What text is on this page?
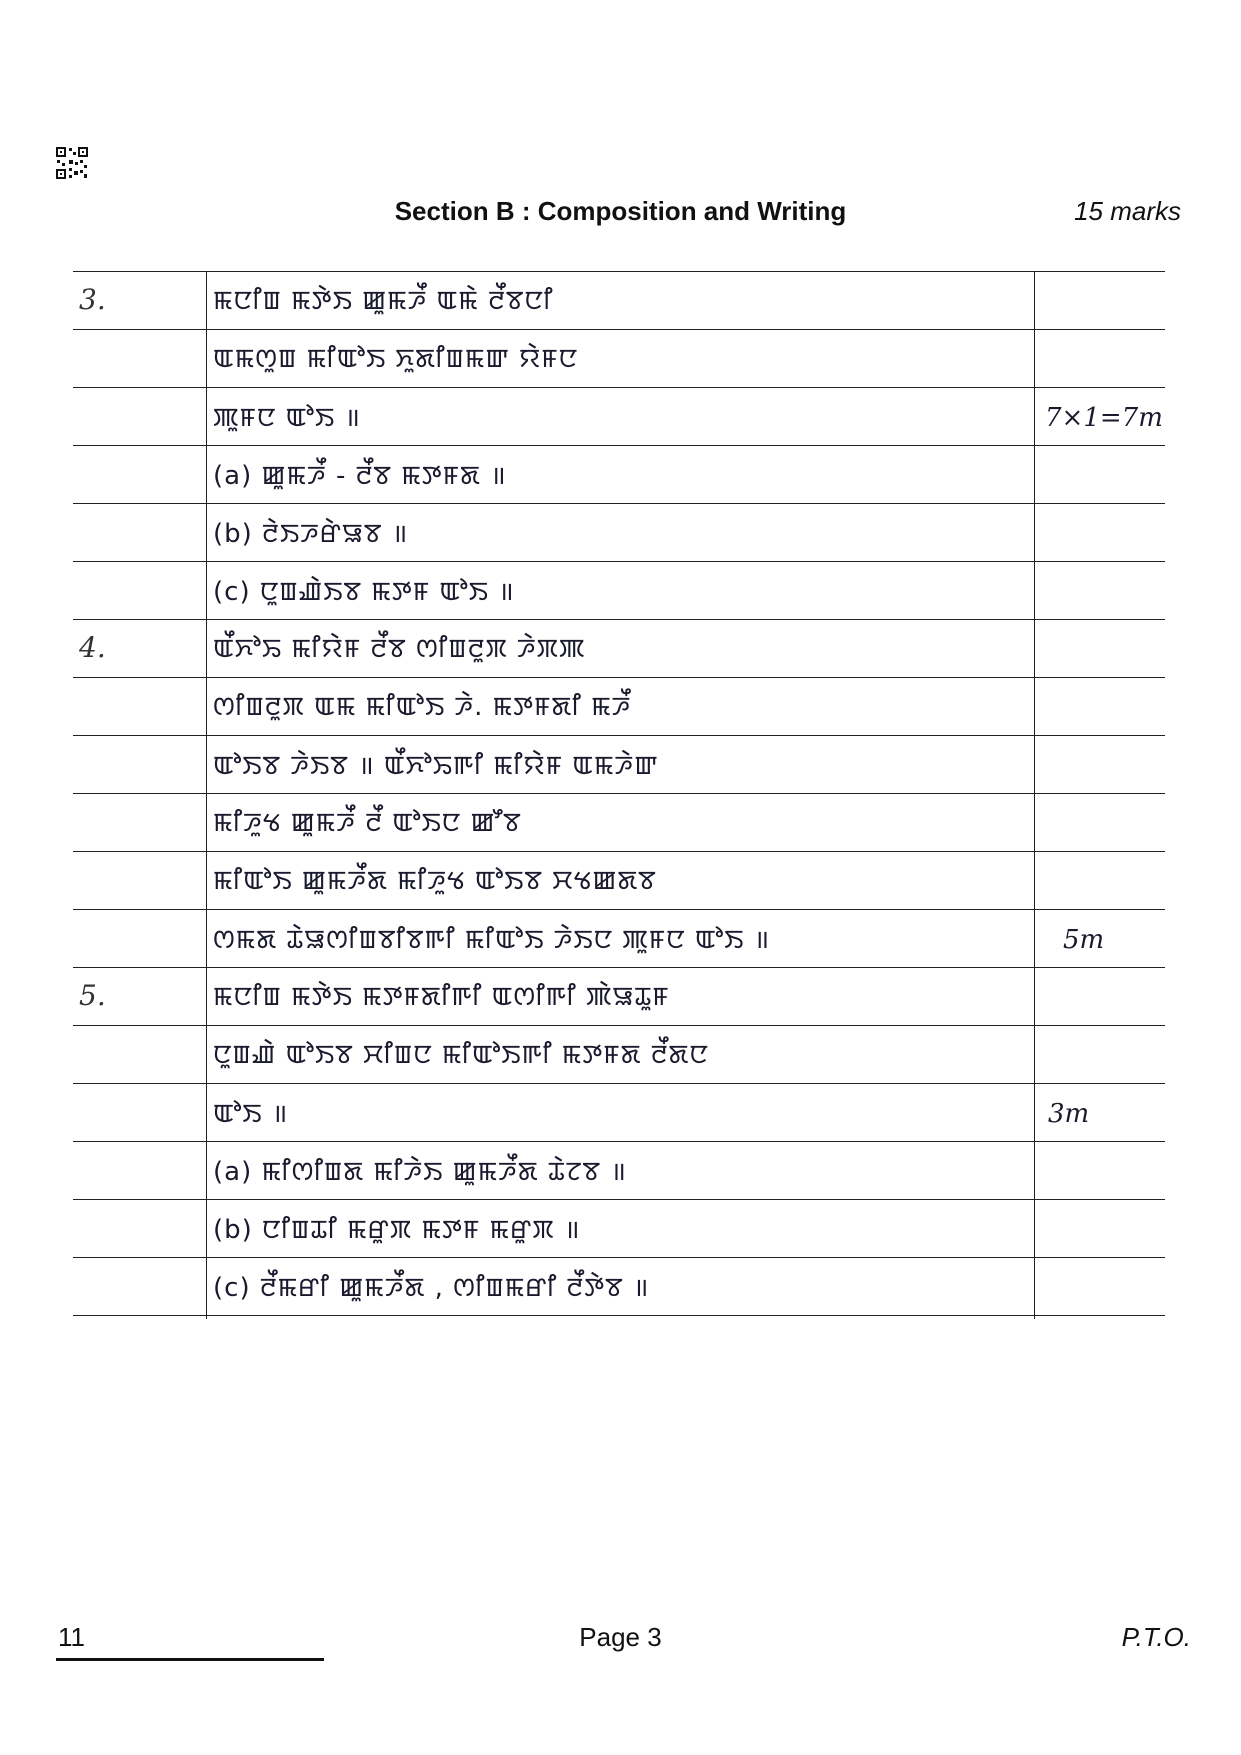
Section B : Composition and Writing	15 marks
3.	ꯃꯅꯤꯡ ꯃꯇꯥꯏ ꯀꯨꯃꯍꯩ ꯑꯃꯥ ꯂꯩꯕꯅꯤ
ꯑꯃꯁꯨꯡ ꯃꯤꯑꯣꯏ ꯈꯨꯗꯤꯡꯃꯛ ꯌꯥꯝꯅ
ꯄꯨꯝꯅ ꯑꯣꯏ ॥	7×1=7m
(a) ꯀꯨꯃꯍꯩ - ꯂꯩꯕ ꯃꯇꯝꯗ ॥
(b) ꯂꯥꯏꯍꯔꯥꯎꯕ ॥
(c) ꯅꯨꯡꯉꯥꯏꯕ ꯃꯇꯝ ꯑꯣꯏ ॥
4.	ꯑꯩꯈꯣꯢ ꯃꯤꯌꯥꯝ ꯂꯩꯕ ꯁꯤꯡꯂꯨꯞ ꯍꯥꯞꯄ
ꯁꯤꯡꯂꯨꯞ ꯑꯃ ꯃꯤꯑꯣꯏ ꯍꯥ. ꯃꯇꯝꯗꯤ ꯃꯍꯩ
ꯑꯣꯏꯕ ꯍꯥꯏꯕ ॥ ꯑꯩꯈꯣꯢꯒꯤ ꯃꯤꯌꯥꯝ ꯑꯃꯍꯥꯛ
ꯃꯤꯍꯨꯠ ꯀꯨꯃꯍꯩ ꯂꯩ ꯑꯣꯏꯅ ꯀꯧꯕ
ꯃꯤꯑꯣꯏ ꯀꯨꯃꯍꯩꯗ ꯃꯤꯍꯨꯠ ꯑꯣꯏꯕ ꯆꯠꯀꯗꯕ
ꯁꯃꯗ ꯊꯥꯎꯁꯤꯡꯕꯤꯕꯒꯤ ꯃꯤꯑꯣꯏ ꯍꯥꯏꯅ ꯄꯨꯝꯅ ꯑꯣꯏ ॥	5m
5.	ꯃꯅꯤꯡ ꯃꯇꯥꯏ ꯃꯇꯝꯗꯤꯒꯤ ꯑꯁꯤꯒꯤ ꯄꯥꯎꯊꯨꯝ
ꯅꯨꯡꯉꯥ ꯑꯣꯏꯕ ꯆꯤꯡꯅ ꯃꯤꯑꯣꯏꯒꯤ ꯃꯇꯝꯗ ꯂꯩꯗꯅ
ꯑꯣꯏ ॥	3m
(a) ꯃꯤꯁꯤꯡꯗ ꯃꯤꯍꯥꯏ ꯀꯨꯃꯍꯩꯗ ꯊꯥꯖꯕ ॥
(b) ꯅꯤꯡꯊꯤ ꯃꯔꯨꯞ ꯃꯇꯝ ꯃꯔꯨꯞ ॥
(c) ꯂꯩꯃꯔꯤ ꯀꯨꯃꯍꯩꯗ , ꯁꯤꯡꯃꯔꯤ ꯂꯩꯇꯥꯕ ॥
11	Page 3	P.T.O.
